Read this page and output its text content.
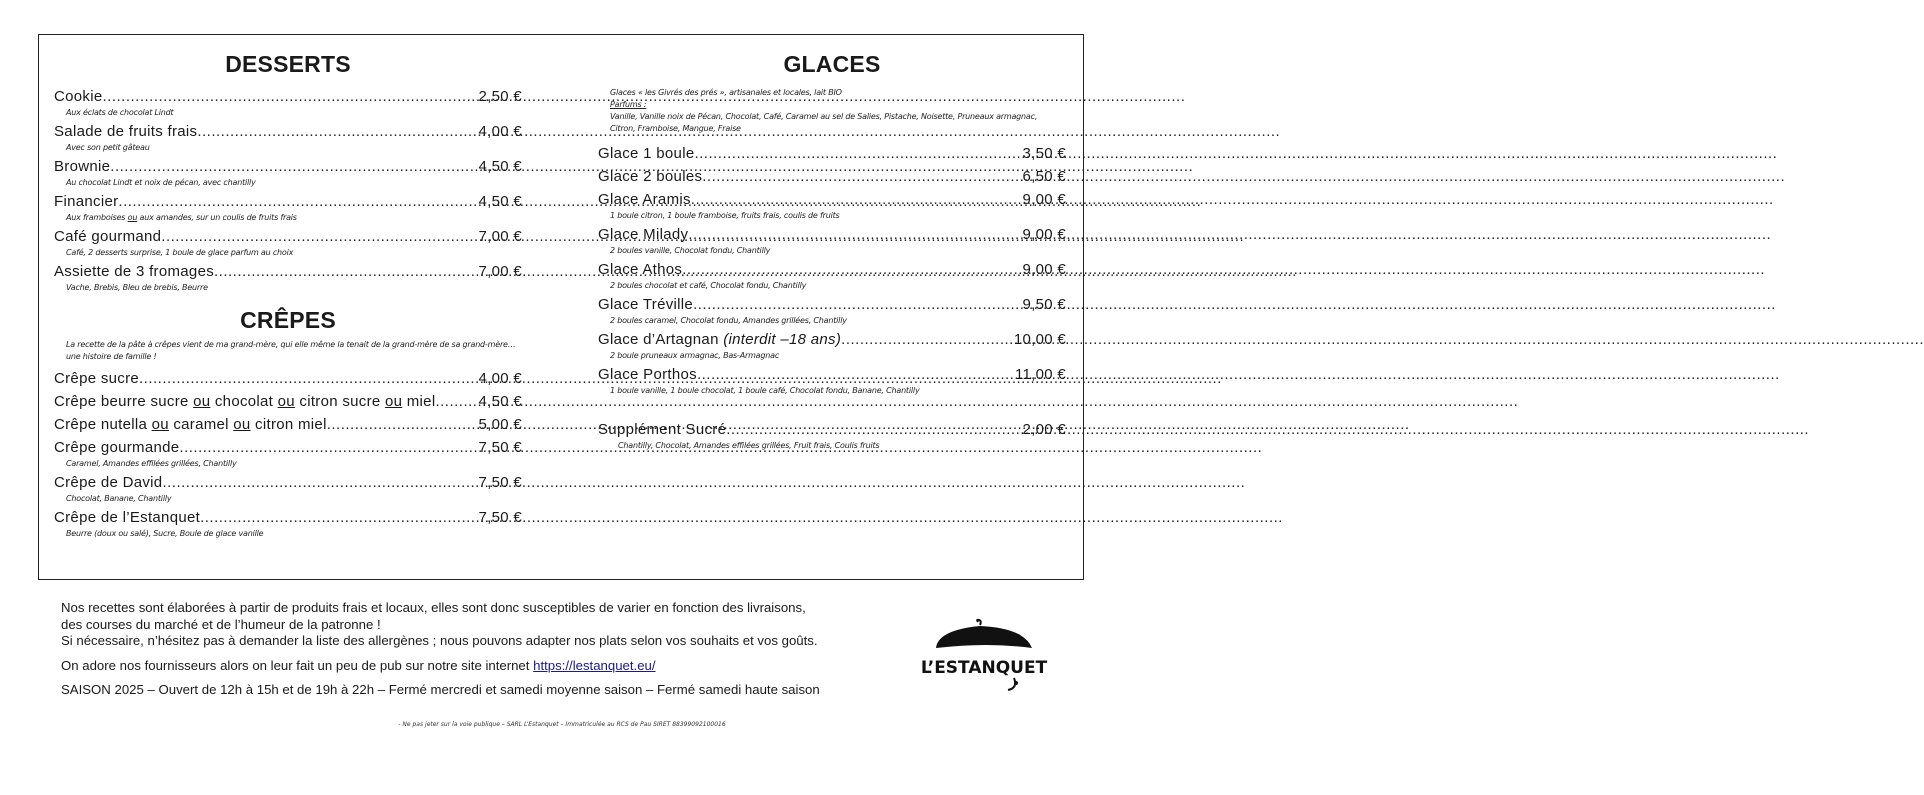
DESSERTS
Cookie .....	2,50 €
Aux éclats de chocolat Lindt
Salade de fruits frais .....	4,00 €
Avec son petit gâteau
Brownie .....	4,50 €
Au chocolat Lindt et noix de pécan, avec chantilly
Financier .....	4,50 €
Aux framboises ou aux amandes, sur un coulis de fruits frais
Café gourmand .....	7,00 €
Café, 2 desserts surprise, 1 boule de glace parfum au choix
Assiette de 3 fromages .....	7,00 €
Vache, Brebis, Bleu de brebis, Beurre
CRÊPES
La recette de la pâte à crêpes vient de ma grand-mère, qui elle même la tenait de la grand-mère de sa grand-mère…
une histoire de famille !
Crêpe sucre .....	4,00 €
Crêpe beurre sucre ou chocolat ou citron sucre ou miel .....	4,50 €
Crêpe nutella ou caramel ou citron miel .....	5,00 €
Crêpe gourmande .....	7,50 €
Caramel, Amandes effilées grillées, Chantilly
Crêpe de David .....	7,50 €
Chocolat, Banane, Chantilly
Crêpe de l’Estanquet .....	7,50 €
Beurre (doux ou salé), Sucre, Boule de glace vanille
GLACES
Glaces « les Givrés des prés », artisanales et locales, lait BIO
Parfums :
Vanille, Vanille noix de Pécan, Chocolat, Café, Caramel au sel de Salies, Pistache, Noisette, Pruneaux armagnac,
Citron, Framboise, Mangue, Fraise
Glace 1 boule .....	3,50 €
Glace 2 boules .....	6,50 €
Glace Aramis .....	9,00 €
1 boule citron, 1 boule framboise, fruits frais, coulis de fruits
Glace Milady .....	9,00 €
2 boules vanille, Chocolat fondu, Chantilly
Glace Athos .....	9,00 €
2 boules chocolat et café, Chocolat fondu, Chantilly
Glace Tréville .....	9,50 €
2 boules caramel, Chocolat fondu, Amandes grillées, Chantilly
Glace d’Artagnan (interdit –18 ans) .....	10,00 €
2 boule pruneaux armagnac, Bas-Armagnac
Glace Porthos .....	11,00 €
1 boule vanille, 1 boule chocolat, 1 boule café, Chocolat fondu, Banane, Chantilly
Supplément Sucré .....	2,00 €
Chantilly, Chocolat, Amandes effilées grillées, Fruit frais, Coulis fruits

Nos recettes sont élaborées à partir de produits frais et locaux, elles sont donc susceptibles de varier en fonction des livraisons,

des courses du marché et de l’humeur de la patronne !

Si nécessaire, n’hésitez pas à demander la liste des allergènes ; nous pouvons adapter nos plats selon vos souhaits et vos goûts.

On adore nos fournisseurs alors on leur fait un peu de pub sur notre site internet https://lestanquet.eu/

SAISON 2025 – Ouvert de 12h à 15h et de 19h à 22h – Fermé mercredi et samedi moyenne saison – Fermé samedi haute saison

- Ne pas jeter sur la voie publique – SARL L’Estanquet – Immatriculée au RCS de Pau SIRET 88399092100016
L’ESTANQUET
